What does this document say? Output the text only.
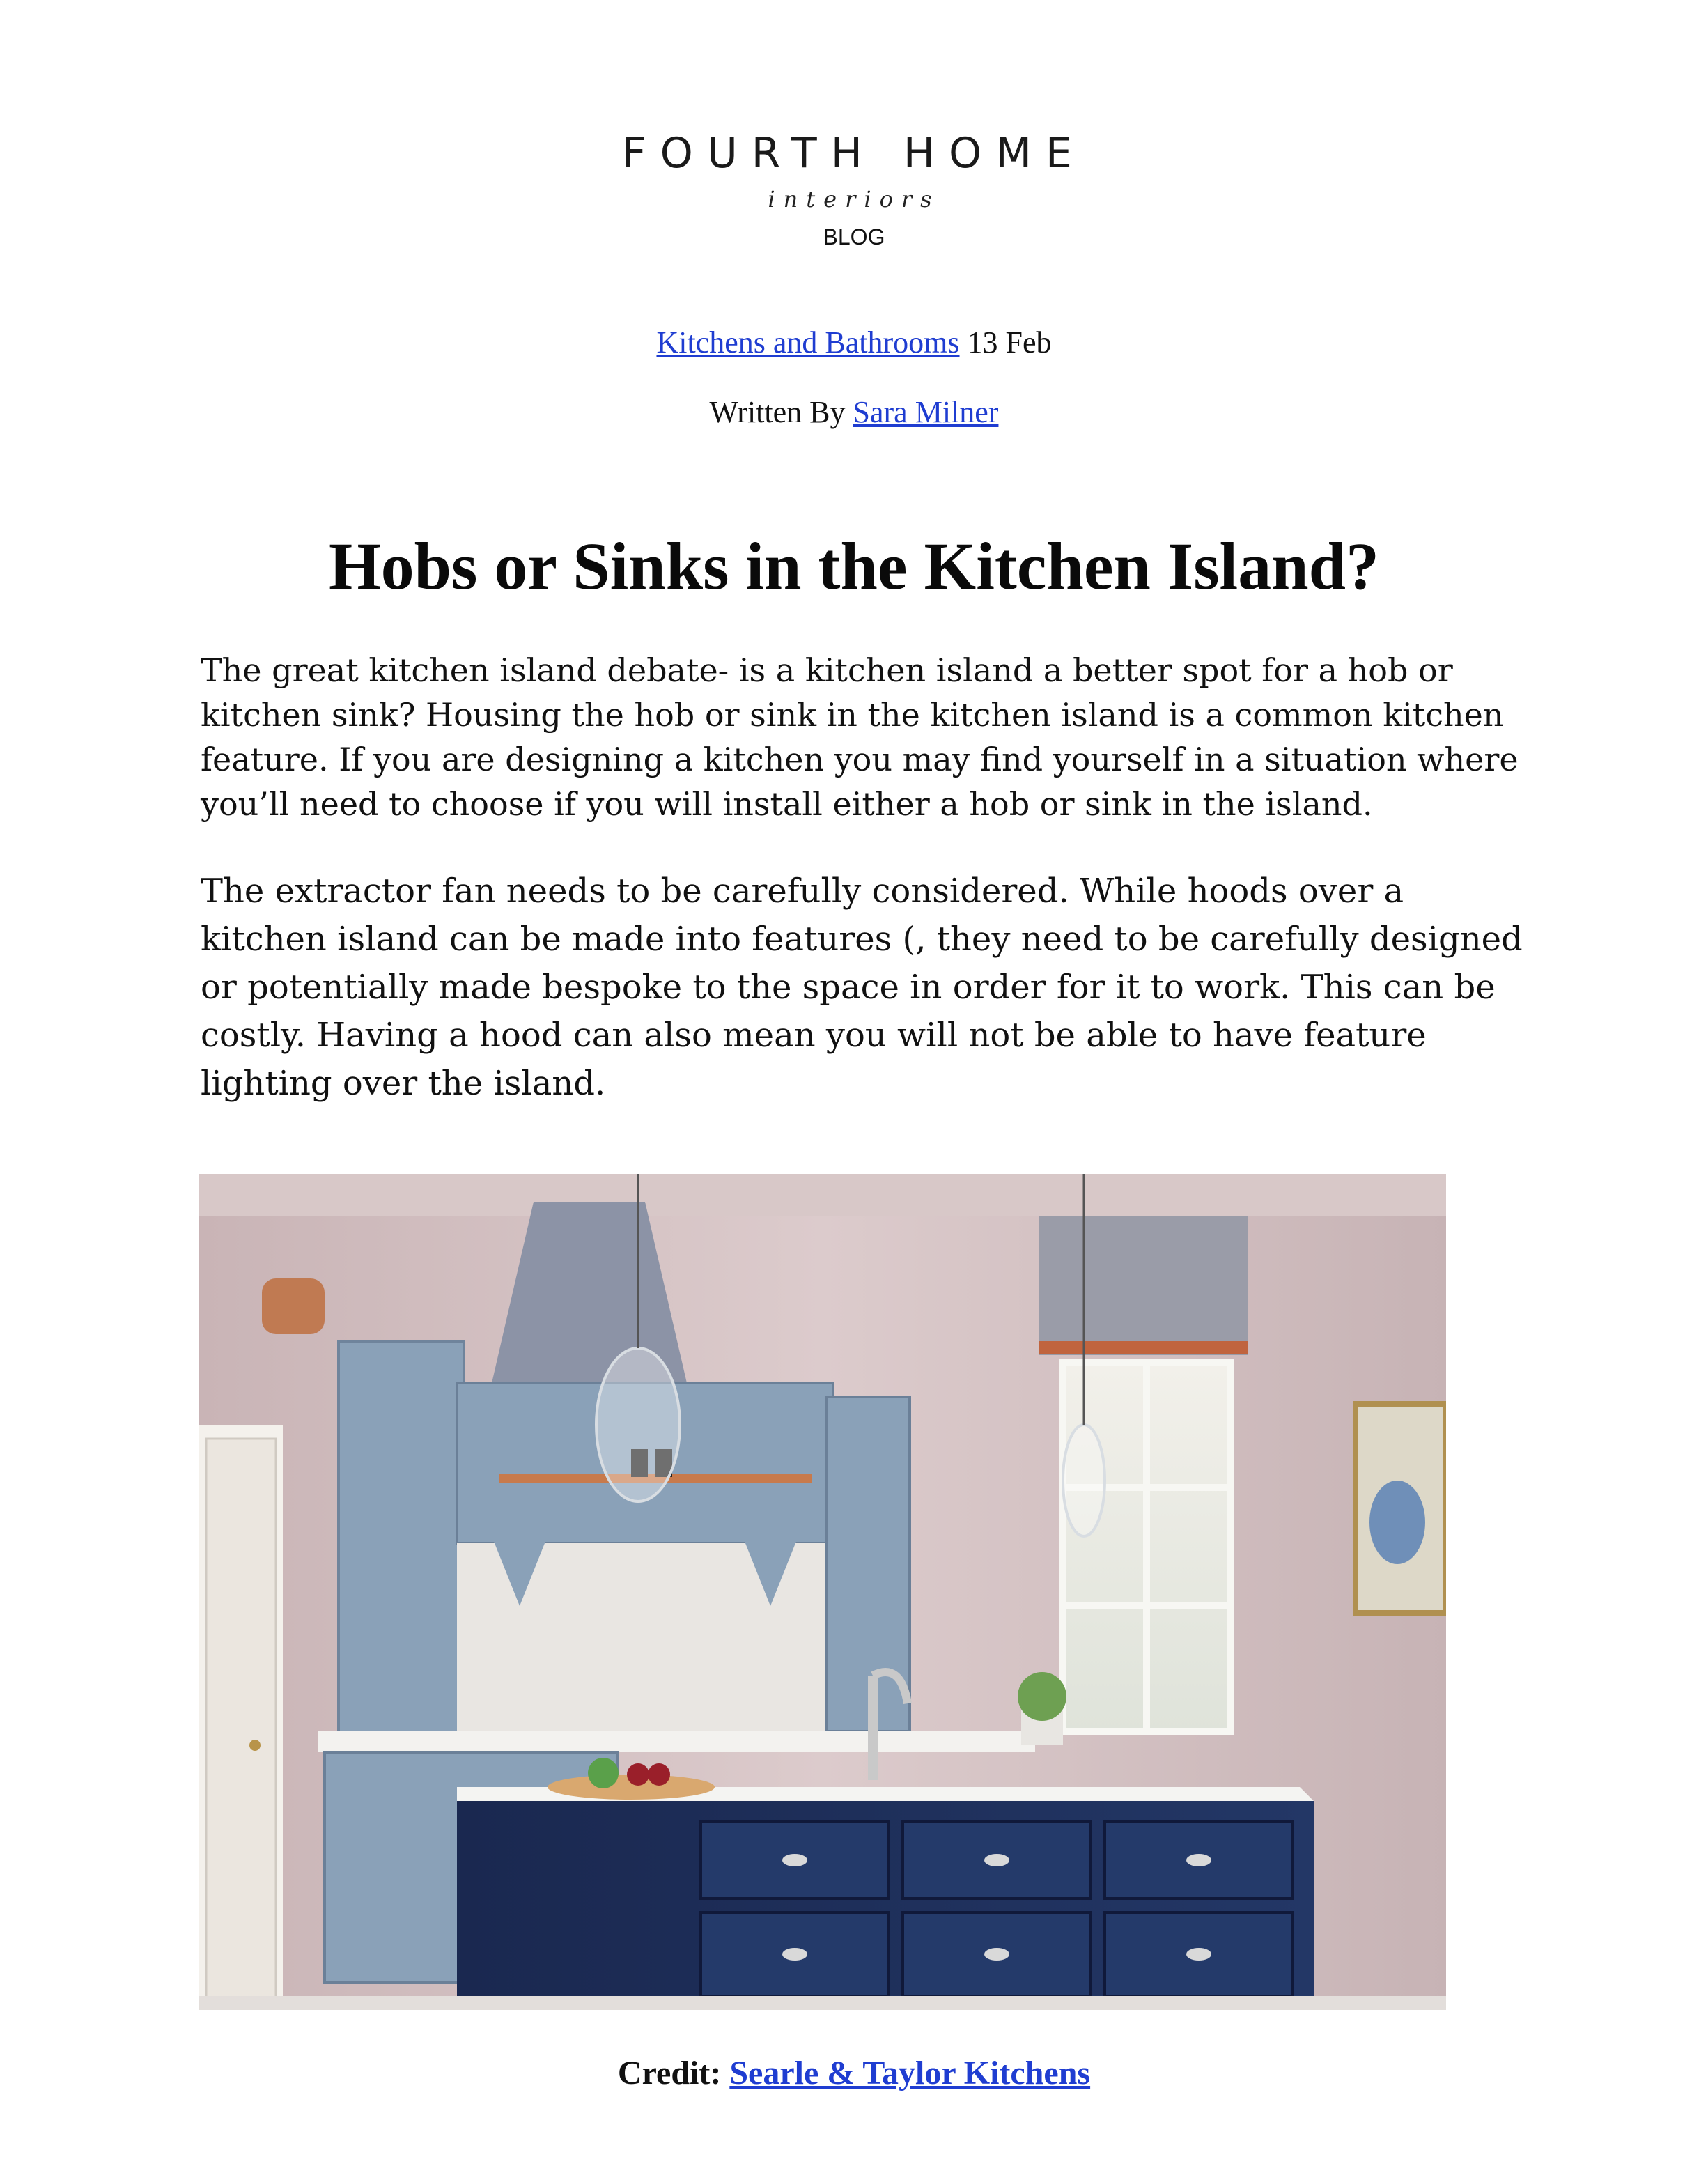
FOURTH HOME
interiors
BLOG
Kitchens and Bathrooms 13 Feb
Written By Sara Milner
Hobs or Sinks in the Kitchen Island?

The great kitchen island debate- is a kitchen island a better spot for a hob or kitchen sink? Housing the hob or sink in the kitchen island is a common kitchen feature. If you are designing a kitchen you may find yourself in a situation where you’ll need to choose if you will install either a hob or sink in the island.

The extractor fan needs to be carefully considered. While hoods over a kitchen island can be made into features (, they need to be carefully designed or potentially made bespoke to the space in order for it to work. This can be costly. Having a hood can also mean you will not be able to have feature lighting over the island.

Credit: Searle & Taylor Kitchens
